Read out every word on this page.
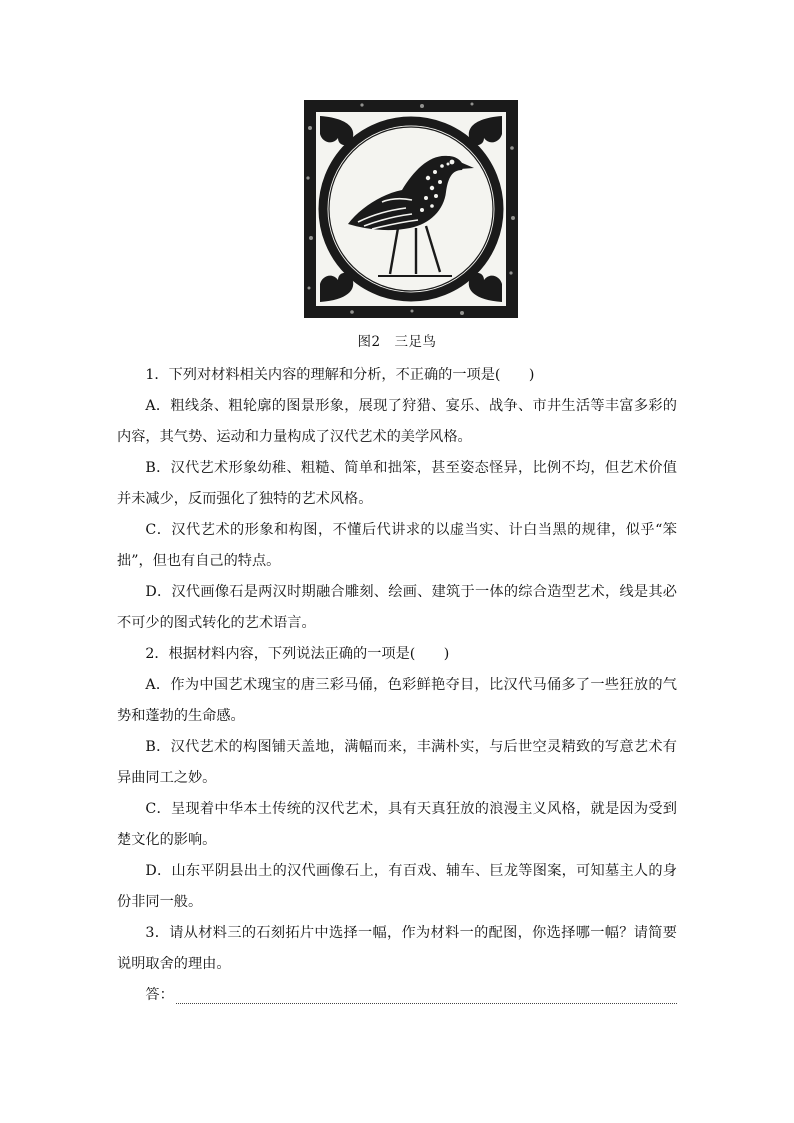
图2　三足鸟

1．下列对材料相关内容的理解和分析，不正确的一项是(　　)

A．粗线条、粗轮廓的图景形象，展现了狩猎、宴乐、战争、市井生活等丰富多彩的内容，其气势、运动和力量构成了汉代艺术的美学风格。

B．汉代艺术形象幼稚、粗糙、简单和拙笨，甚至姿态怪异，比例不均，但艺术价值并未减少，反而强化了独特的艺术风格。

C．汉代艺术的形象和构图，不懂后代讲求的以虚当实、计白当黑的规律，似乎“笨拙”，但也有自己的特点。

D．汉代画像石是两汉时期融合雕刻、绘画、建筑于一体的综合造型艺术，线是其必不可少的图式转化的艺术语言。

2．根据材料内容，下列说法正确的一项是(　　)

A．作为中国艺术瑰宝的唐三彩马俑，色彩鲜艳夺目，比汉代马俑多了一些狂放的气势和蓬勃的生命感。

B．汉代艺术的构图铺天盖地，满幅而来，丰满朴实，与后世空灵精致的写意艺术有异曲同工之妙。

C．呈现着中华本土传统的汉代艺术，具有天真狂放的浪漫主义风格，就是因为受到楚文化的影响。

D．山东平阴县出土的汉代画像石上，有百戏、辅车、巨龙等图案，可知墓主人的身份非同一般。

3．请从材料三的石刻拓片中选择一幅，作为材料一的配图，你选择哪一幅？请简要说明取舍的理由。

答：
